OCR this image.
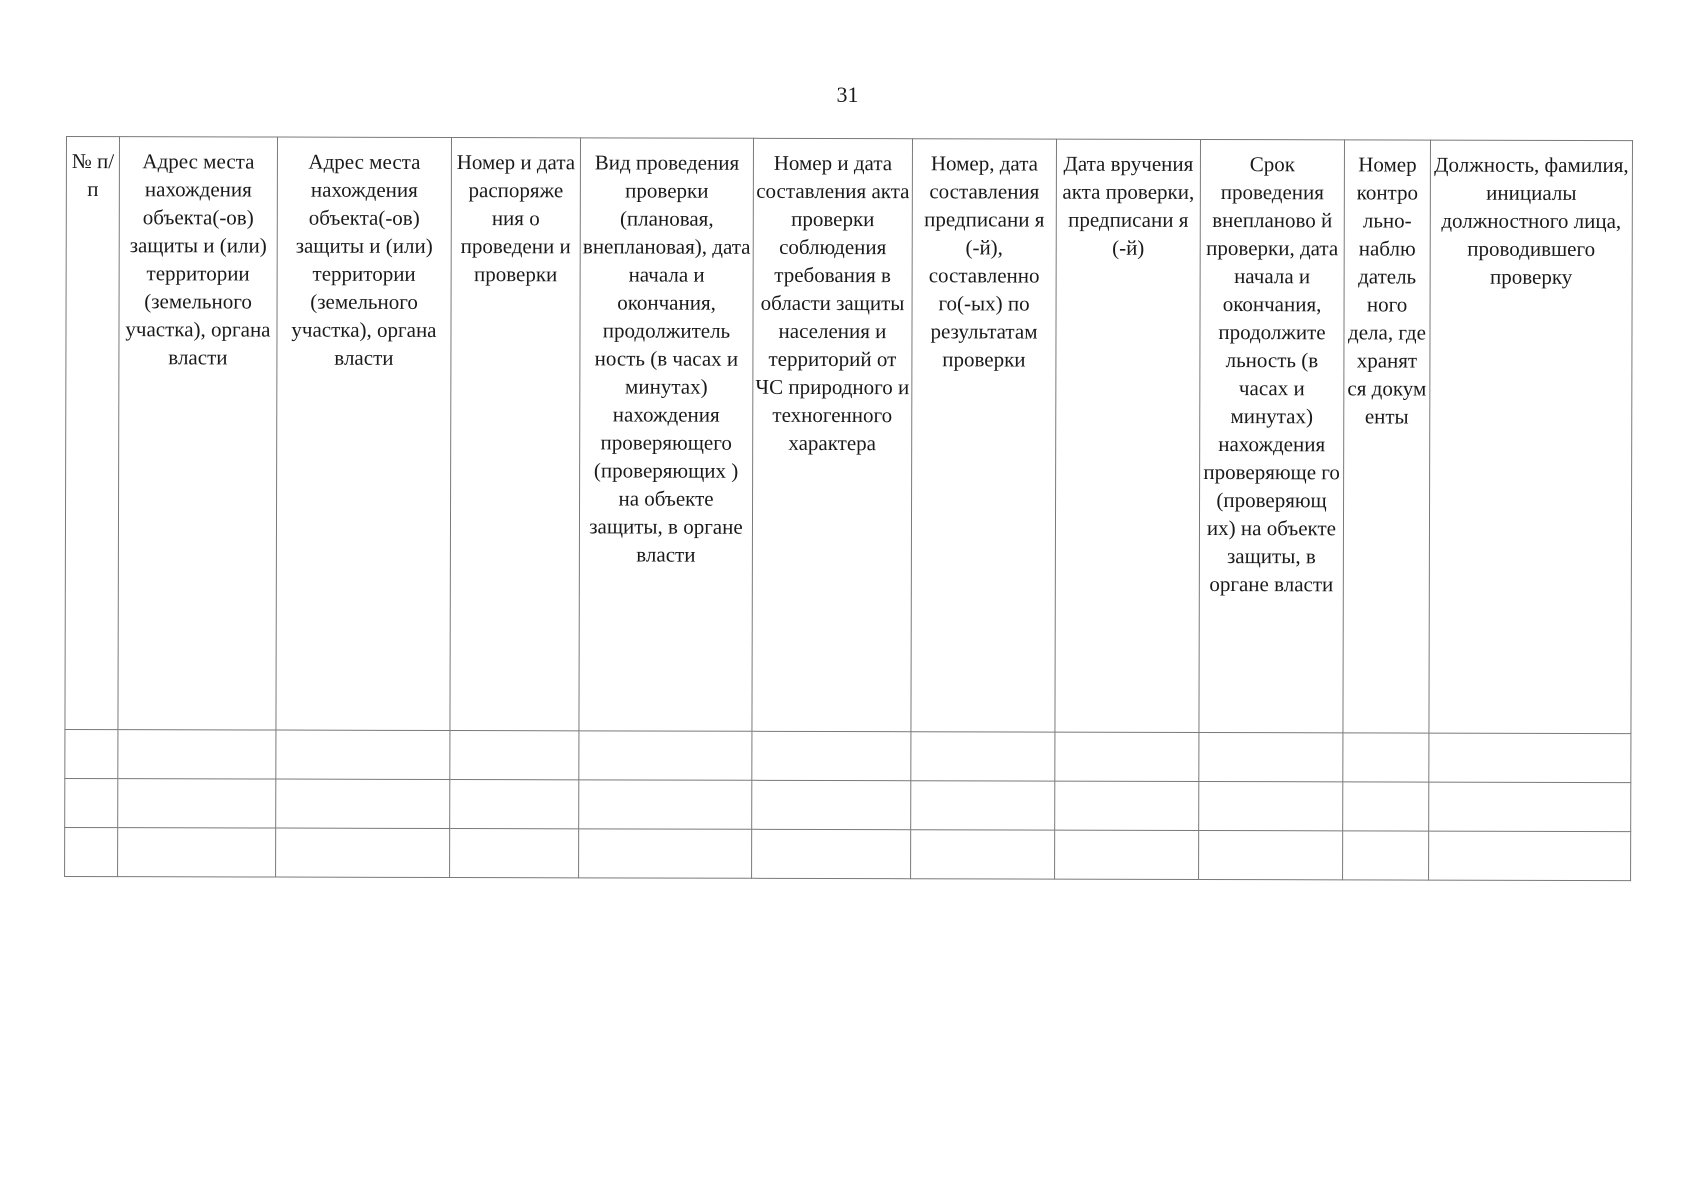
31
№ п/п	Адрес места нахождения объекта(-ов) защиты и (или) территории (земельного участка), органа власти	Адрес места нахождения объекта(-ов) защиты и (или) территории (земельного участка), органа власти	Номер и дата распоряже ния о проведени и проверки	Вид проведения проверки (плановая, внеплановая), дата начала и окончания, продолжитель ность (в часах и минутах) нахождения проверяющего (проверяющих ) на объекте защиты, в органе власти	Номер и дата составления акта проверки соблюдения требования в области защиты населения и территорий от ЧС природного и техногенного характера	Номер, дата составления предписани я (-й), составленно го(-ых) по результатам проверки	Дата вручения акта проверки, предписани я (-й)	Срок проведения внепланово й проверки, дата начала и окончания, продолжите льность (в часах и минутах) нахождения проверяюще го (проверяющ их) на объекте защиты, в органе власти	Номер контро льно-наблю датель ного дела, где хранят ся докум енты	Должность, фамилия, инициалы должностного лица, проводившего проверку
